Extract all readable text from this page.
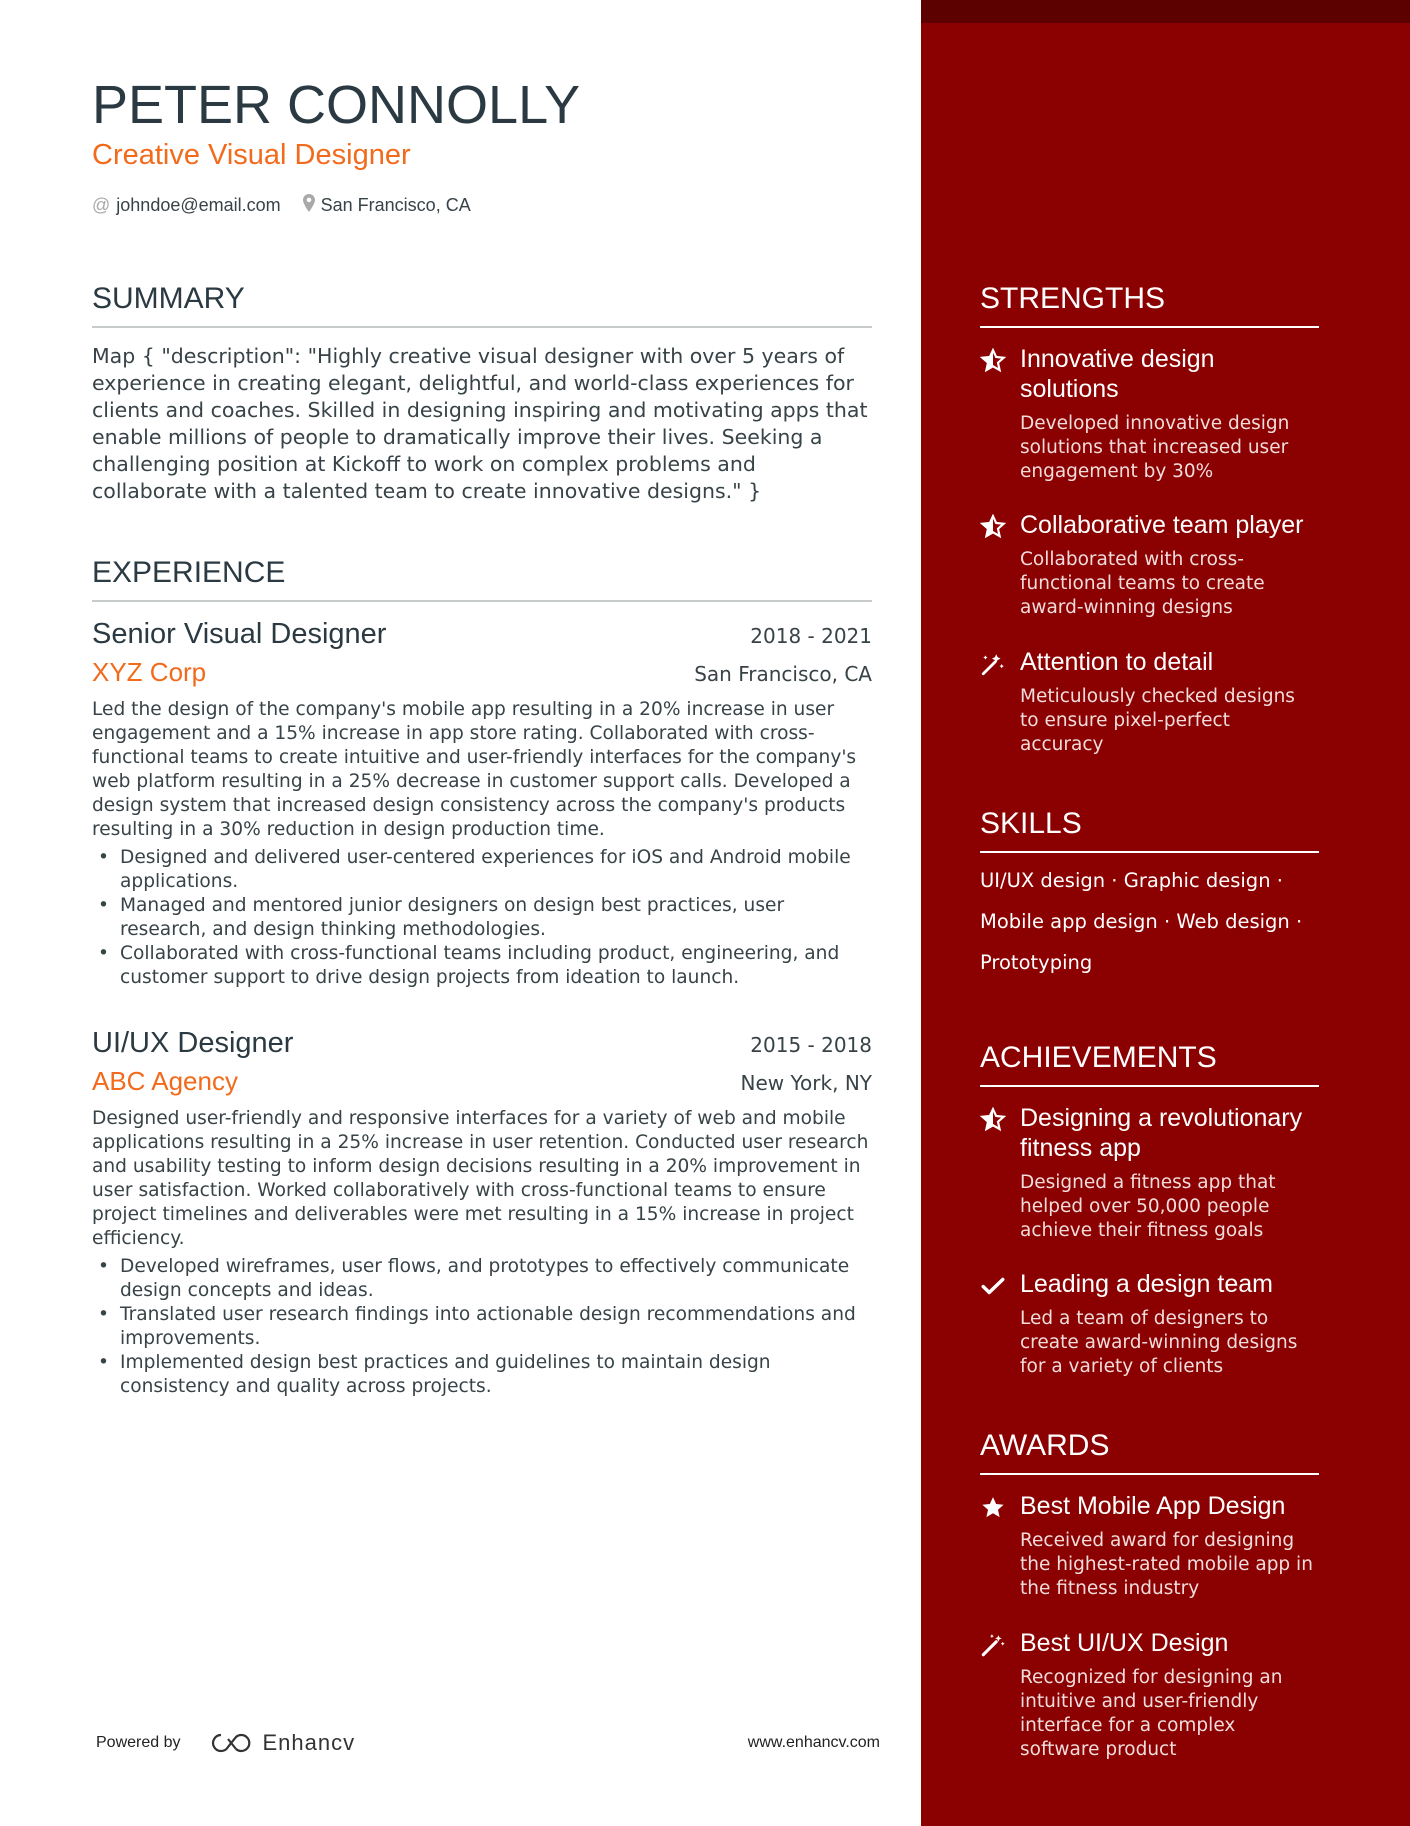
PETER CONNOLLY
Creative Visual Designer
@ johndoe@email.com San Francisco, CA
SUMMARY
Map { "description": "Highly creative visual designer with over 5 years of experience in creating elegant, delightful, and world-class experiences for clients and coaches. Skilled in designing inspiring and motivating apps that enable millions of people to dramatically improve their lives. Seeking a challenging position at Kickoff to work on complex problems and collaborate with a talented team to create innovative designs." }
EXPERIENCE
Senior Visual Designer	2018 - 2021
XYZ Corp	San Francisco, CA
Led the design of the company's mobile app resulting in a 20% increase in user engagement and a 15% increase in app store rating. Collaborated with cross-functional teams to create intuitive and user-friendly interfaces for the company's web platform resulting in a 25% decrease in customer support calls. Developed a design system that increased design consistency across the company's products resulting in a 30% reduction in design production time.
• Designed and delivered user-centered experiences for iOS and Android mobile applications.
• Managed and mentored junior designers on design best practices, user research, and design thinking methodologies.
• Collaborated with cross-functional teams including product, engineering, and customer support to drive design projects from ideation to launch.
UI/UX Designer	2015 - 2018
ABC Agency	New York, NY
Designed user-friendly and responsive interfaces for a variety of web and mobile applications resulting in a 25% increase in user retention. Conducted user research and usability testing to inform design decisions resulting in a 20% improvement in user satisfaction. Worked collaboratively with cross-functional teams to ensure project timelines and deliverables were met resulting in a 15% increase in project efficiency.
• Developed wireframes, user flows, and prototypes to effectively communicate design concepts and ideas.
• Translated user research findings into actionable design recommendations and improvements.
• Implemented design best practices and guidelines to maintain design consistency and quality across projects.
Powered by	Enhancv	www.enhancv.com
STRENGTHS
Innovative design solutions
Developed innovative design solutions that increased user engagement by 30%
Collaborative team player
Collaborated with cross-functional teams to create award-winning designs
Attention to detail
Meticulously checked designs to ensure pixel-perfect accuracy
SKILLS
UI/UX design · Graphic design · Mobile app design · Web design · Prototyping
ACHIEVEMENTS
Designing a revolutionary fitness app
Designed a fitness app that helped over 50,000 people achieve their fitness goals
Leading a design team
Led a team of designers to create award-winning designs for a variety of clients
AWARDS
Best Mobile App Design
Received award for designing the highest-rated mobile app in the fitness industry
Best UI/UX Design
Recognized for designing an intuitive and user-friendly interface for a complex software product
